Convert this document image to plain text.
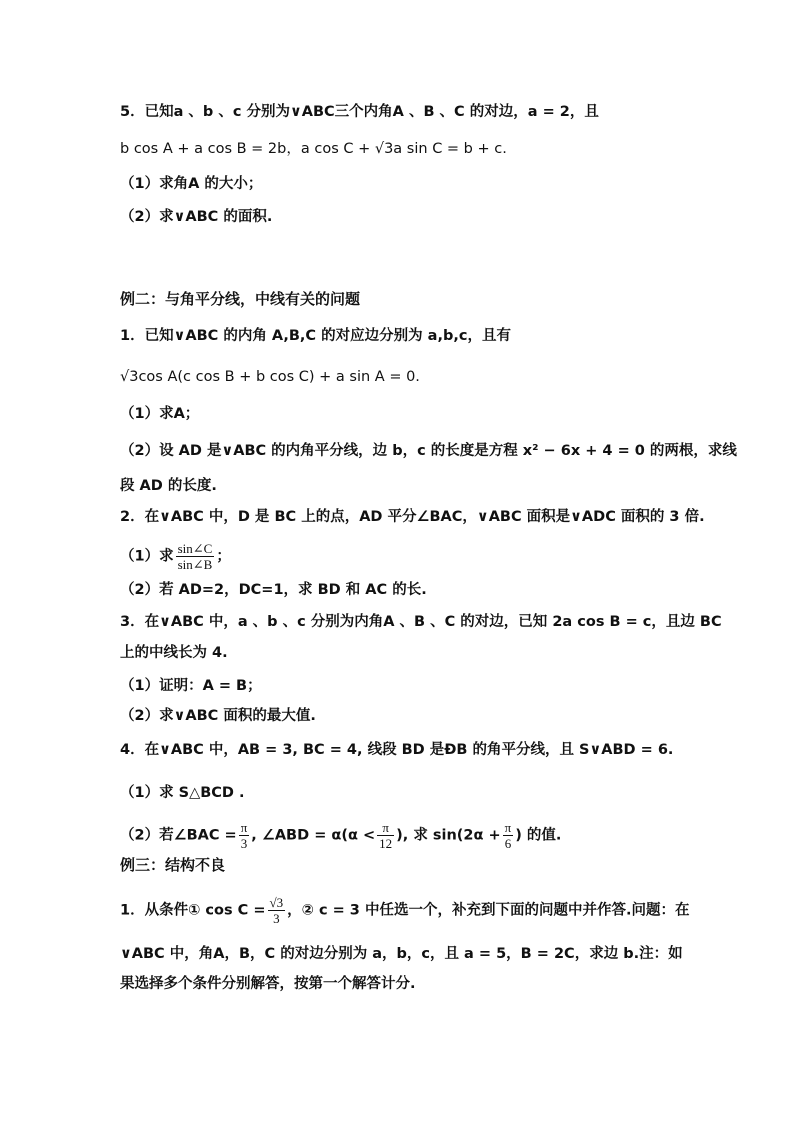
5．已知a 、b 、c 分别为∨ABC三个内角A 、B 、C 的对边，a = 2，且
b cos A + a cos B = 2b，a cos C + √3a sin C = b + c.
（1）求角A 的大小；
（2）求∨ABC 的面积.
例二：与角平分线，中线有关的问题
1．已知∨ABC 的内角 A,B,C 的对应边分别为 a,b,c，且有
√3cos A(c cos B + b cos C) + a sin A = 0.
（1）求A；
（2）设 AD 是∨ABC 的内角平分线，边 b，c 的长度是方程 x² − 6x + 4 = 0 的两根，求线
段 AD 的长度.
2．在∨ABC 中，D 是 BC 上的点，AD 平分∠BAC，∨ABC 面积是∨ADC 面积的 3 倍.
（1）求 $\frac{\sin\angle C}{\sin\angle B}$ ；
（2）若 AD=2，DC=1，求 BD 和 AC 的长.
3．在∨ABC 中，a 、b 、c 分别为内角A 、B 、C 的对边，已知 2a cos B = c，且边 BC
上的中线长为 4.
（1）证明：A = B；
（2）求∨ABC 面积的最大值.
4．在∨ABC 中，AB = 3, BC = 4, 线段 BD 是ÐB 的角平分线，且 S∨ABD = 6.
（1）求 S△BCD .
（2）若∠BAC = $\frac{\pi}{3}$ , ∠ABD = $\alpha(\alpha < \frac{\pi}{12}$ ), 求 $\sin(2\alpha + \frac{\pi}{6}$ ) 的值.
例三：结构不良
1．从条件① $\cos C = \frac{√3}{3}$ ，② c = 3 中任选一个，补充到下面的问题中并作答.问题：在
∨ABC 中，角A，B，C 的对边分别为 a，b，c，且 a = 5，B = 2C，求边 b.注：如
果选择多个条件分别解答，按第一个解答计分.
